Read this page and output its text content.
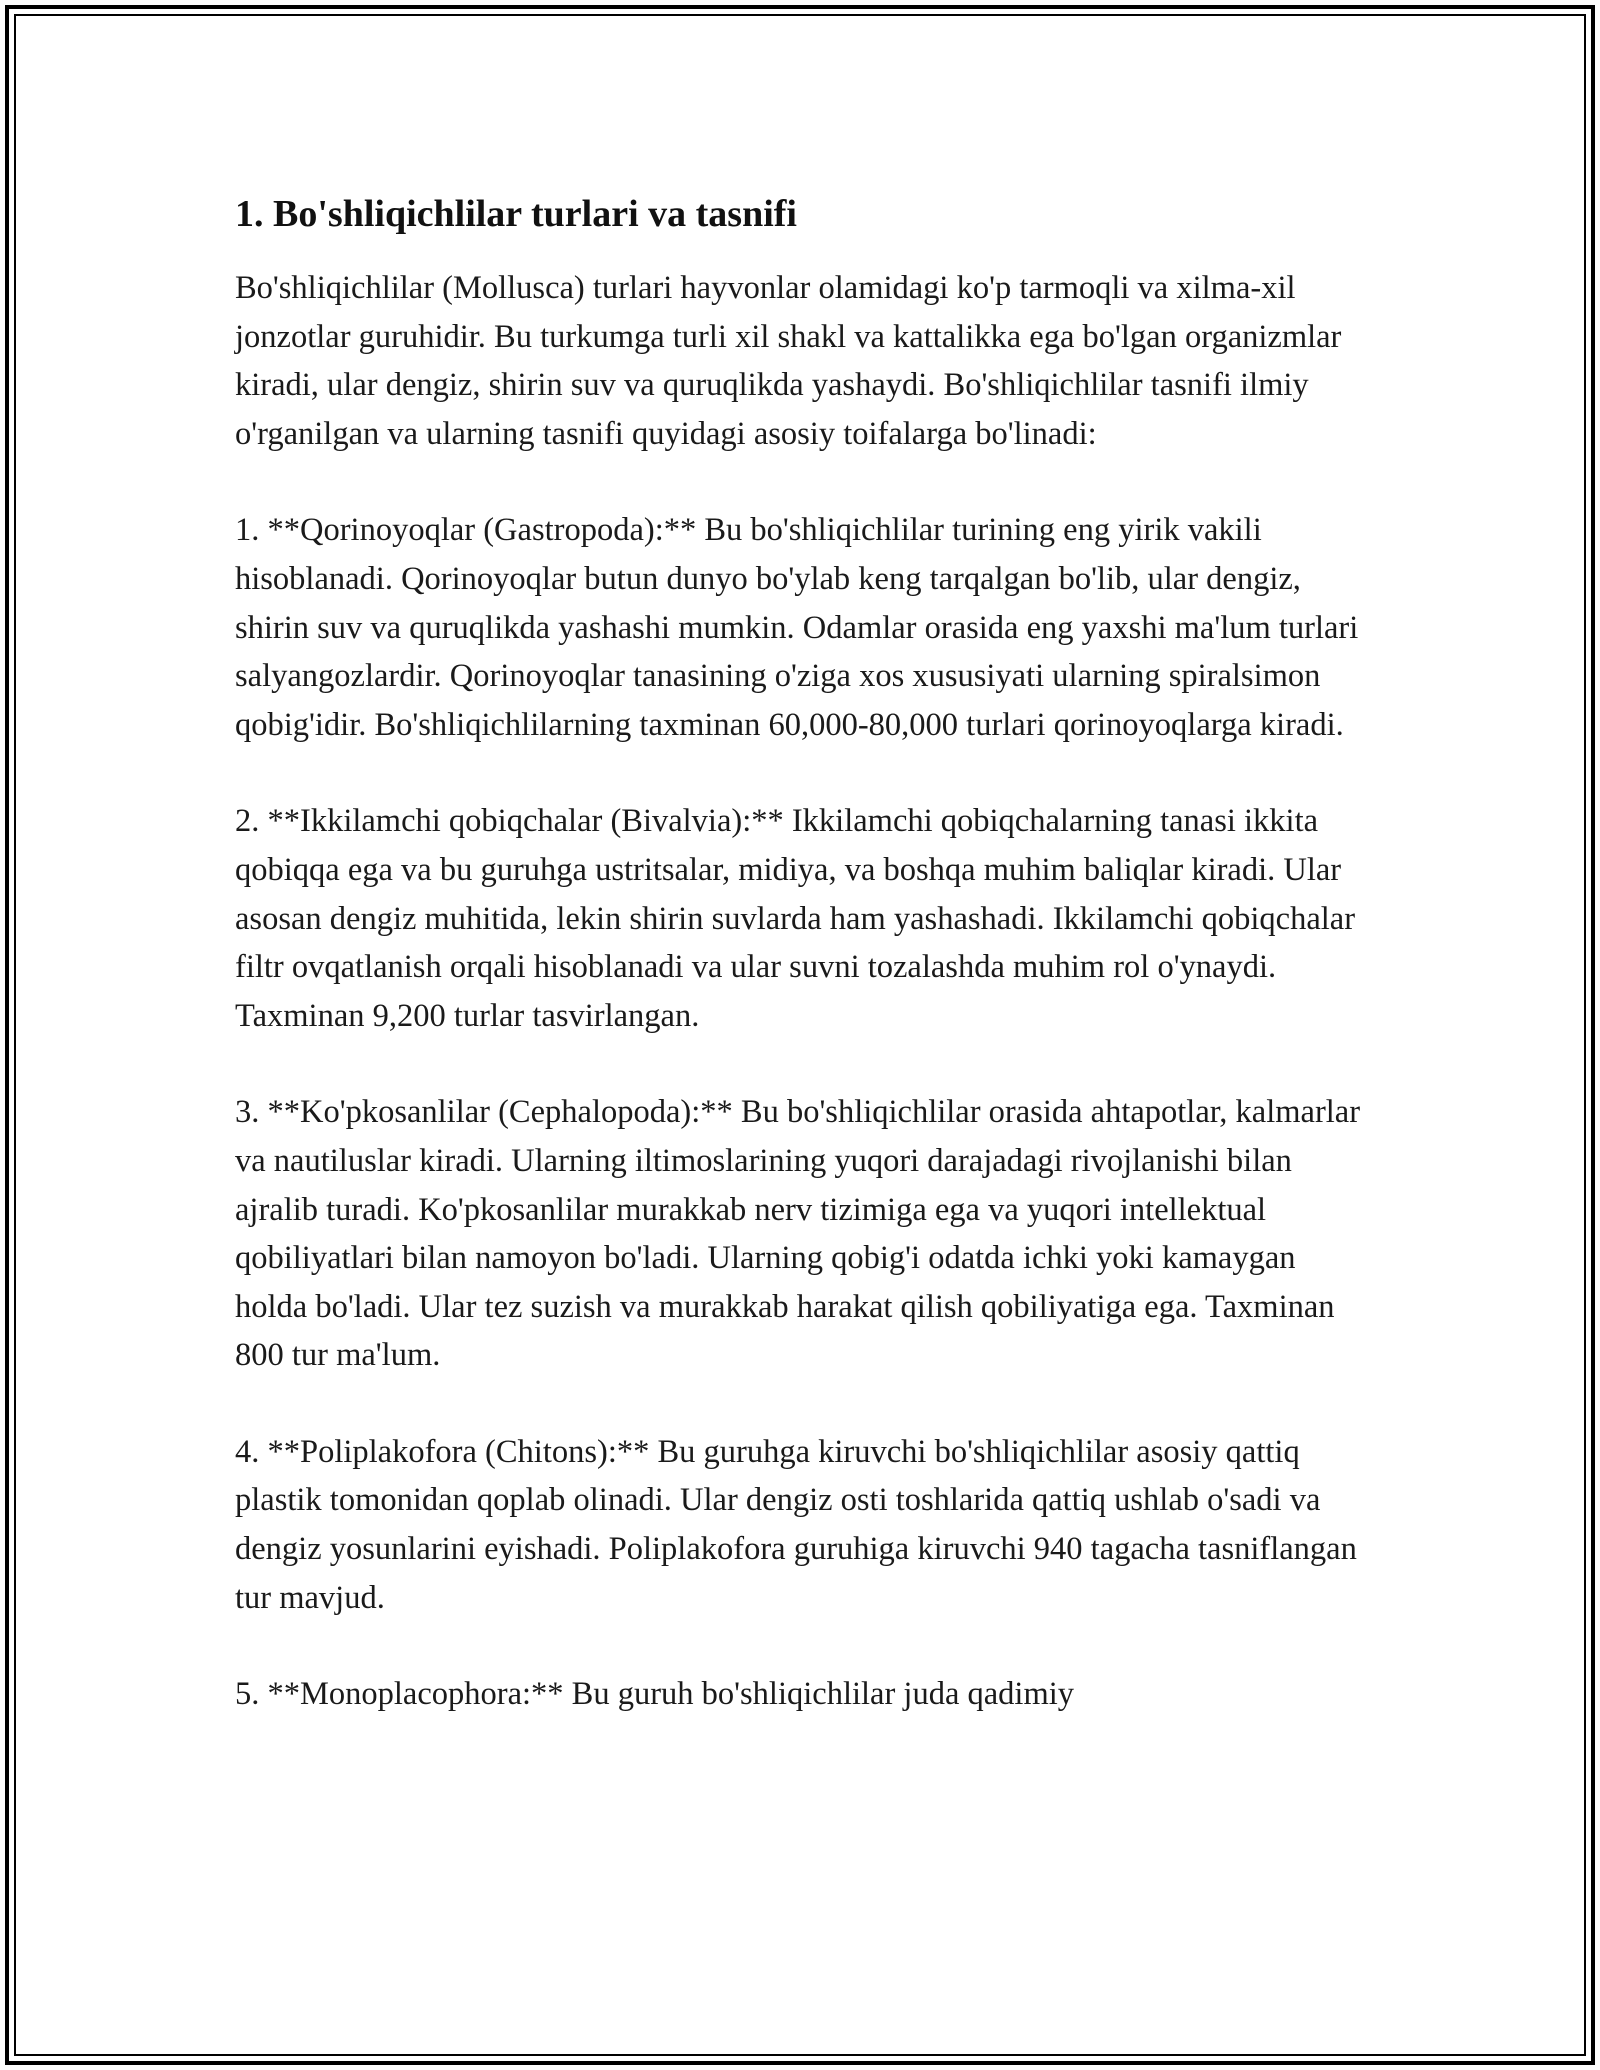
1. Bo'shliqichlilar turlari va tasnifi

Bo'shliqichlilar (Mollusca) turlari hayvonlar olamidagi ko'p tarmoqli va xilma-xil jonzotlar guruhidir. Bu turkumga turli xil shakl va kattalikka ega bo'lgan organizmlar kiradi, ular dengiz, shirin suv va quruqlikda yashaydi. Bo'shliqichlilar tasnifi ilmiy o'rganilgan va ularning tasnifi quyidagi asosiy toifalarga bo'linadi:

1. **Qorinoyoqlar (Gastropoda):** Bu bo'shliqichlilar turining eng yirik vakili hisoblanadi. Qorinoyoqlar butun dunyo bo'ylab keng tarqalgan bo'lib, ular dengiz, shirin suv va quruqlikda yashashi mumkin. Odamlar orasida eng yaxshi ma'lum turlari salyangozlardir. Qorinoyoqlar tanasining o'ziga xos xususiyati ularning spiralsimon qobig'idir. Bo'shliqichlilarning taxminan 60,000-80,000 turlari qorinoyoqlarga kiradi.

2. **Ikkilamchi qobiqchalar (Bivalvia):** Ikkilamchi qobiqchalarning tanasi ikkita qobiqqa ega va bu guruhga ustritsalar, midiya, va boshqa muhim baliqlar kiradi. Ular asosan dengiz muhitida, lekin shirin suvlarda ham yashashadi. Ikkilamchi qobiqchalar filtr ovqatlanish orqali hisoblanadi va ular suvni tozalashda muhim rol o'ynaydi. Taxminan 9,200 turlar tasvirlangan.

3. **Ko'pkosanlilar (Cephalopoda):** Bu bo'shliqichlilar orasida ahtapotlar, kalmarlar va nautiluslar kiradi. Ularning iltimoslarining yuqori darajadagi rivojlanishi bilan ajralib turadi. Ko'pkosanlilar murakkab nerv tizimiga ega va yuqori intellektual qobiliyatlari bilan namoyon bo'ladi. Ularning qobig'i odatda ichki yoki kamaygan holda bo'ladi. Ular tez suzish va murakkab harakat qilish qobiliyatiga ega. Taxminan 800 tur ma'lum.

4. **Poliplakofora (Chitons):** Bu guruhga kiruvchi bo'shliqichlilar asosiy qattiq plastik tomonidan qoplab olinadi. Ular dengiz osti toshlarida qattiq ushlab o'sadi va dengiz yosunlarini eyishadi. Poliplakofora guruhiga kiruvchi 940 tagacha tasniflangan tur mavjud.

5. **Monoplacophora:** Bu guruh bo'shliqichlilar juda qadimiy
